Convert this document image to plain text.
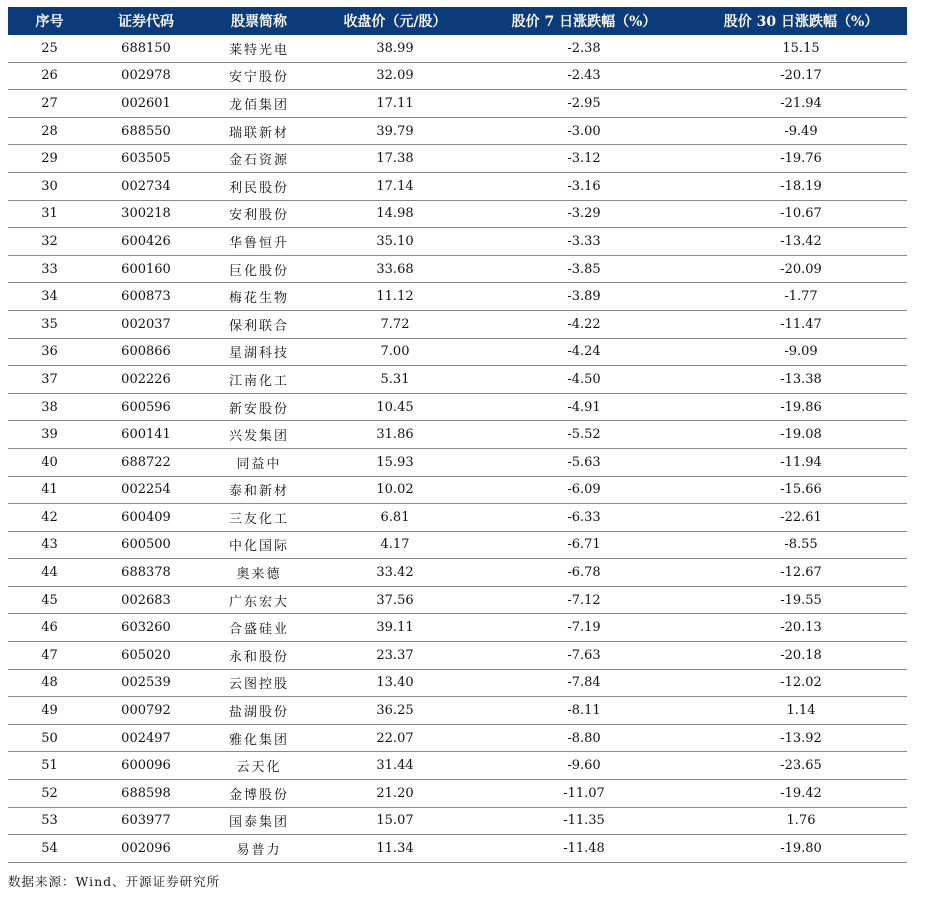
序号	证券代码	股票简称	收盘价（元/股）	股价 7 日涨跌幅（%）	股价 30 日涨跌幅（%）
25	688150	莱特光电	38.99	-2.38	15.15
26	002978	安宁股份	32.09	-2.43	-20.17
27	002601	龙佰集团	17.11	-2.95	-21.94
28	688550	瑞联新材	39.79	-3.00	-9.49
29	603505	金石资源	17.38	-3.12	-19.76
30	002734	利民股份	17.14	-3.16	-18.19
31	300218	安利股份	14.98	-3.29	-10.67
32	600426	华鲁恒升	35.10	-3.33	-13.42
33	600160	巨化股份	33.68	-3.85	-20.09
34	600873	梅花生物	11.12	-3.89	-1.77
35	002037	保利联合	7.72	-4.22	-11.47
36	600866	星湖科技	7.00	-4.24	-9.09
37	002226	江南化工	5.31	-4.50	-13.38
38	600596	新安股份	10.45	-4.91	-19.86
39	600141	兴发集团	31.86	-5.52	-19.08
40	688722	同益中	15.93	-5.63	-11.94
41	002254	泰和新材	10.02	-6.09	-15.66
42	600409	三友化工	6.81	-6.33	-22.61
43	600500	中化国际	4.17	-6.71	-8.55
44	688378	奥来德	33.42	-6.78	-12.67
45	002683	广东宏大	37.56	-7.12	-19.55
46	603260	合盛硅业	39.11	-7.19	-20.13
47	605020	永和股份	23.37	-7.63	-20.18
48	002539	云图控股	13.40	-7.84	-12.02
49	000792	盐湖股份	36.25	-8.11	1.14
50	002497	雅化集团	22.07	-8.80	-13.92
51	600096	云天化	31.44	-9.60	-23.65
52	688598	金博股份	21.20	-11.07	-19.42
53	603977	国泰集团	15.07	-11.35	1.76
54	002096	易普力	11.34	-11.48	-19.80
数据来源：Wind、开源证券研究所
